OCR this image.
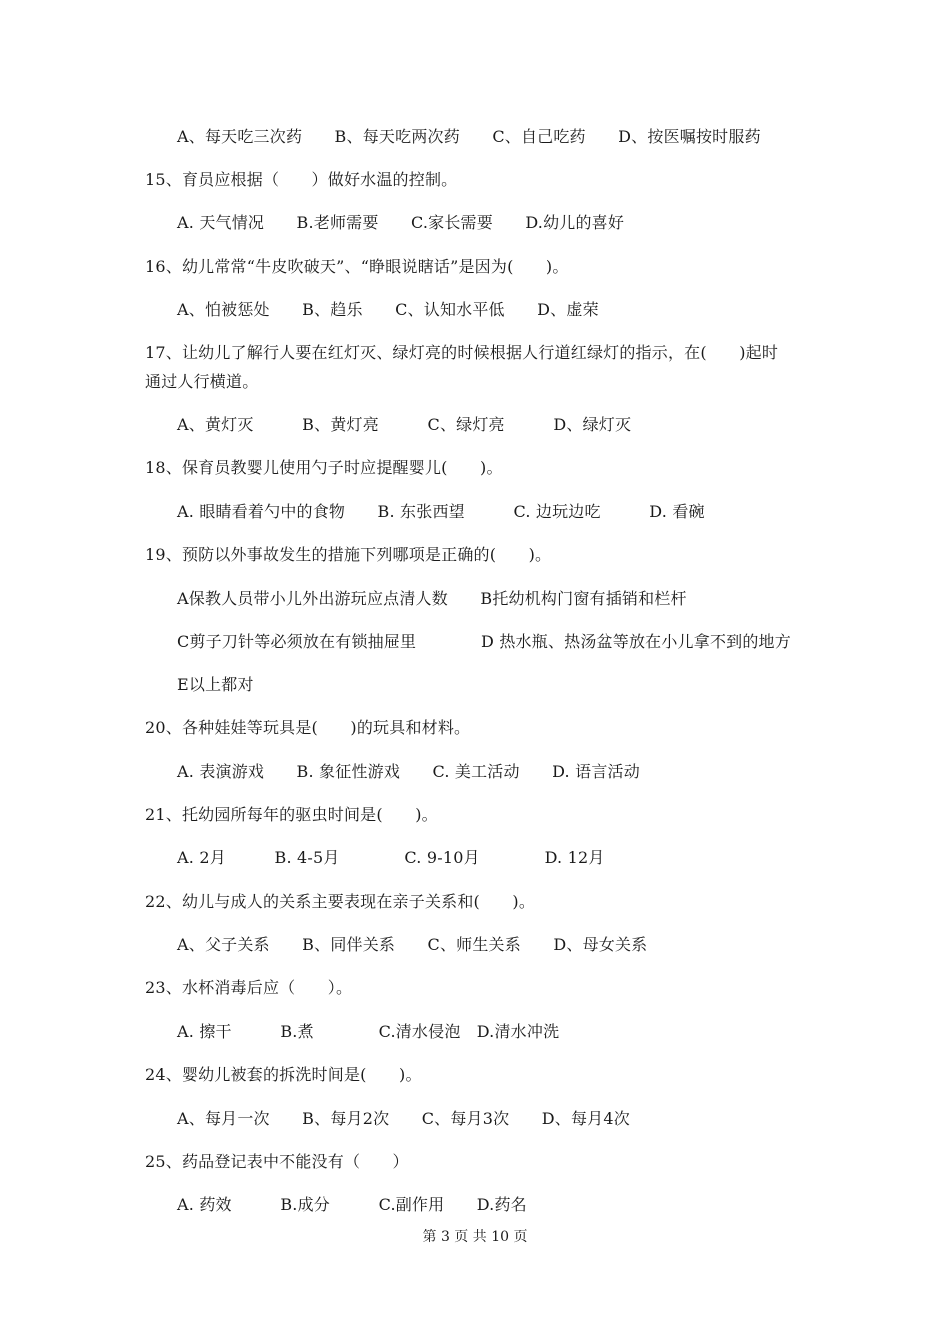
A、每天吃三次药　　B、每天吃两次药　　C、自己吃药　　D、按医嘱按时服药
15、育员应根据（　　）做好水温的控制。
A. 天气情况　　B.老师需要　　C.家长需要　　D.幼儿的喜好
16、幼儿常常“牛皮吹破天”、“睁眼说瞎话”是因为(　　)。
A、怕被惩处　　B、趋乐　　C、认知水平低　　D、虚荣
17、让幼儿了解行人要在红灯灭、绿灯亮的时候根据人行道红绿灯的指示，在(　　)起时
通过人行横道。
A、黄灯灭　　　B、黄灯亮　　　C、绿灯亮　　　D、绿灯灭
18、保育员教婴儿使用勺子时应提醒婴儿(　　)。
A. 眼睛看着勺中的食物　　B. 东张西望　　　C. 边玩边吃　　　D. 看碗
19、预防以外事故发生的措施下列哪项是正确的(　　)。
A保教人员带小儿外出游玩应点清人数　　B托幼机构门窗有插销和栏杆
C剪子刀针等必须放在有锁抽屉里　　　　D 热水瓶、热汤盆等放在小儿拿不到的地方
E以上都对
20、各种娃娃等玩具是(　　)的玩具和材料。
A. 表演游戏　　B. 象征性游戏　　C. 美工活动　　D. 语言活动
21、托幼园所每年的驱虫时间是(　　)。
A. 2月　　　B. 4-5月　　　　C. 9-10月　　　　D. 12月
22、幼儿与成人的关系主要表现在亲子关系和(　　)。
A、父子关系　　B、同伴关系　　C、师生关系　　D、母女关系
23、水杯消毒后应（　　）。
A. 擦干　　　B.煮　　　　C.清水侵泡　D.清水冲洗
24、婴幼儿被套的拆洗时间是(　　)。
A、每月一次　　B、每月2次　　C、每月3次　　D、每月4次
25、药品登记表中不能没有（　　）
A. 药效　　　B.成分　　　C.副作用　　D.药名
第 3 页 共 10 页
